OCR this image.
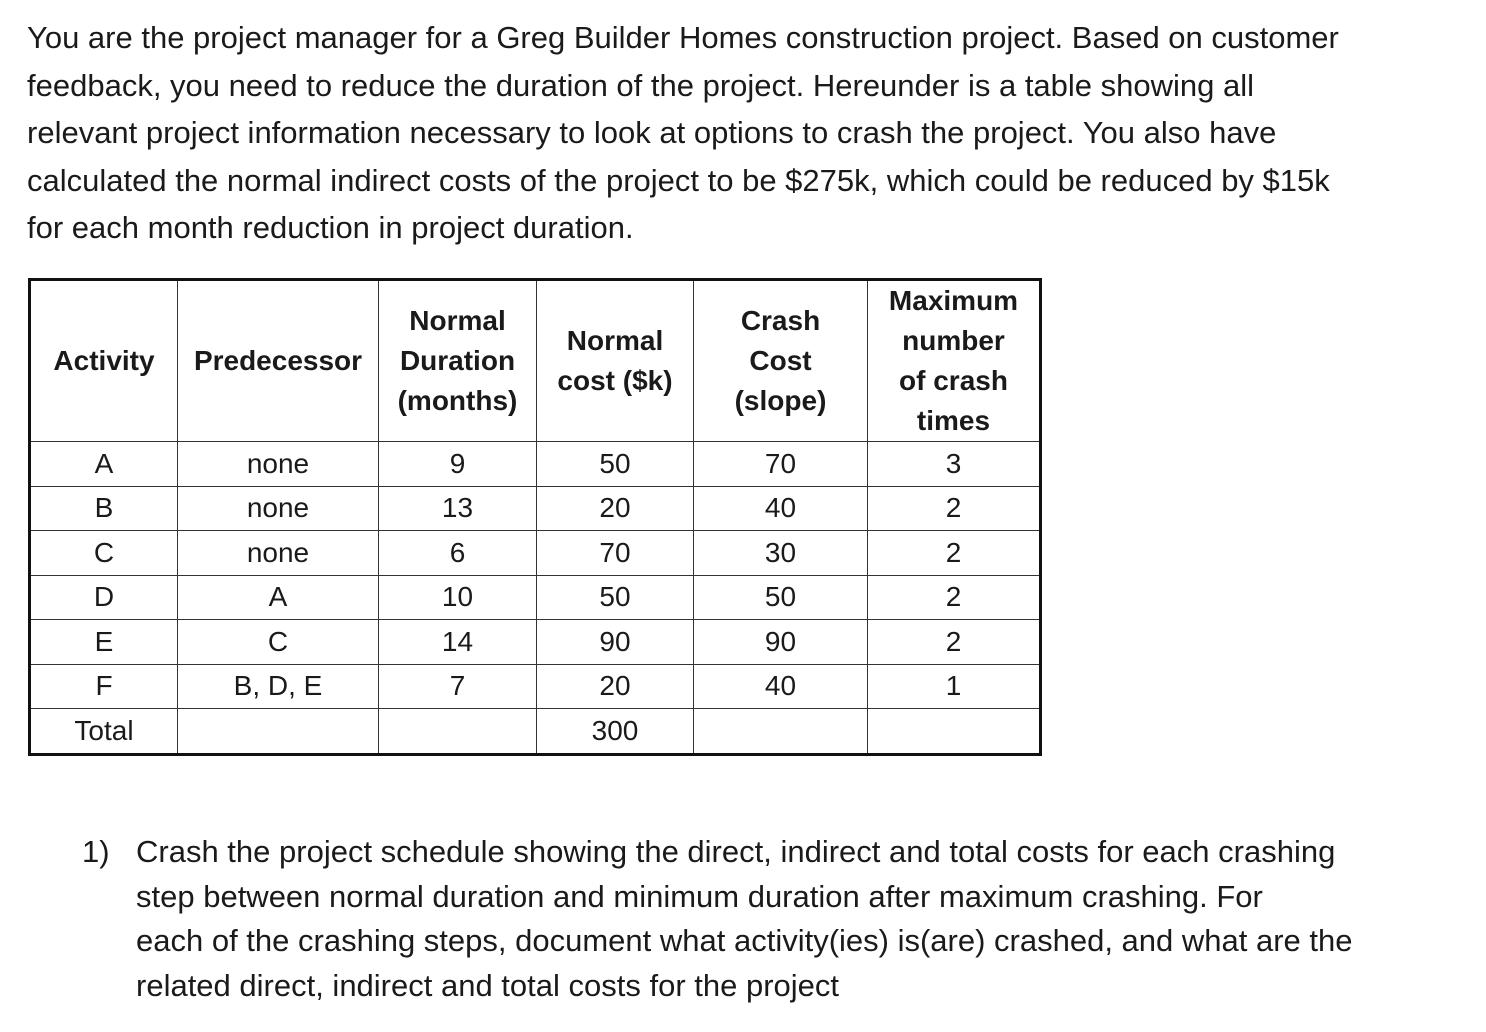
You are the project manager for a Greg Builder Homes construction project. Based on customer
feedback, you need to reduce the duration of the project. Hereunder is a table showing all
relevant project information necessary to look at options to crash the project. You also have
calculated the normal indirect costs of the project to be $275k, which could be reduced by $15k
for each month reduction in project duration.
Activity	Predecessor	Normal
Duration
(months)	Normal
cost ($k)	Crash
Cost
(slope)	Maximum
number
of crash
times
A	none	9	50	70	3
B	none	13	20	40	2
C	none	6	70	30	2
D	A	10	50	50	2
E	C	14	90	90	2
F	B, D, E	7	20	40	1
Total			300		
1) Crash the project schedule showing the direct, indirect and total costs for each crashing
step between normal duration and minimum duration after maximum crashing. For
each of the crashing steps, document what activity(ies) is(are) crashed, and what are the
related direct, indirect and total costs for the project
